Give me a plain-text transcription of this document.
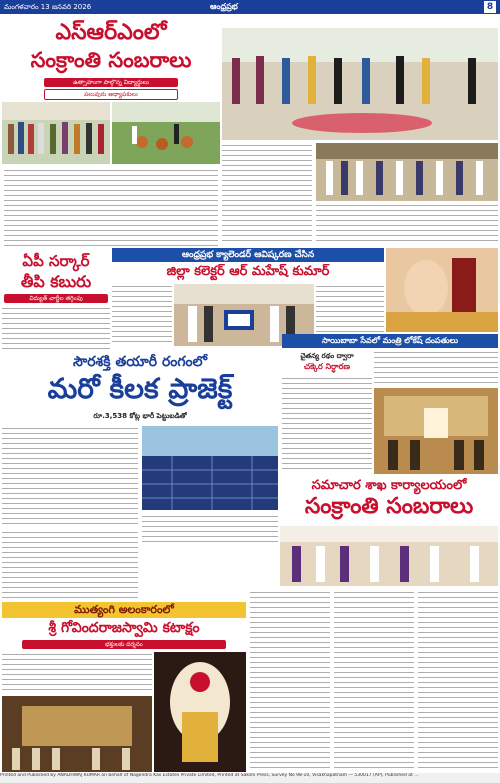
మంగళవారం 13 జనవరి 2026	ఆంధ్రప్రభ	8
ఎస్ఆర్ఎంలో
సంక్రాంతి సంబరాలు
ఉత్సాహంగా పాల్గొన్న విద్యార్థులు
పలువురు అధ్యాపకులు
ఏపీ సర్కార్
తీపి కబురు
విద్యుత్ చార్జీల తగ్గింపు
ఆంధ్రప్రభ క్యాలెండర్ ఆవిష్కరణ చేసిన
జిల్లా కలెక్టర్ ఆర్ మహేష్ కుమార్
సాయిబాబా సేవలో మంత్రి లోకేష్ దంపతులు
సౌరశక్తి తయారీ రంగంలో
మరో కీలక ప్రాజెక్ట్
రూ.3,538 కోట్ల భారీ పెట్టుబడితో
చైతన్య రథం ద్వారా
చక్కెర నిర్ధారణ
సమాచార శాఖ కార్యాలయంలో
సంక్రాంతి సంబరాలు
ముత్యంగి అలంకారంలో
శ్రీ గోవిందరాజస్వామి కటాక్షం
భక్తులకు దర్శనం
Printed and Published by ANADHWAJ KUMAR on behalf of Nagendra Kas Estates Private Limited, Printed at Sakshi Press, Survey No 98-10, Visakhapatnam — 530017 (AP), Published at ...
